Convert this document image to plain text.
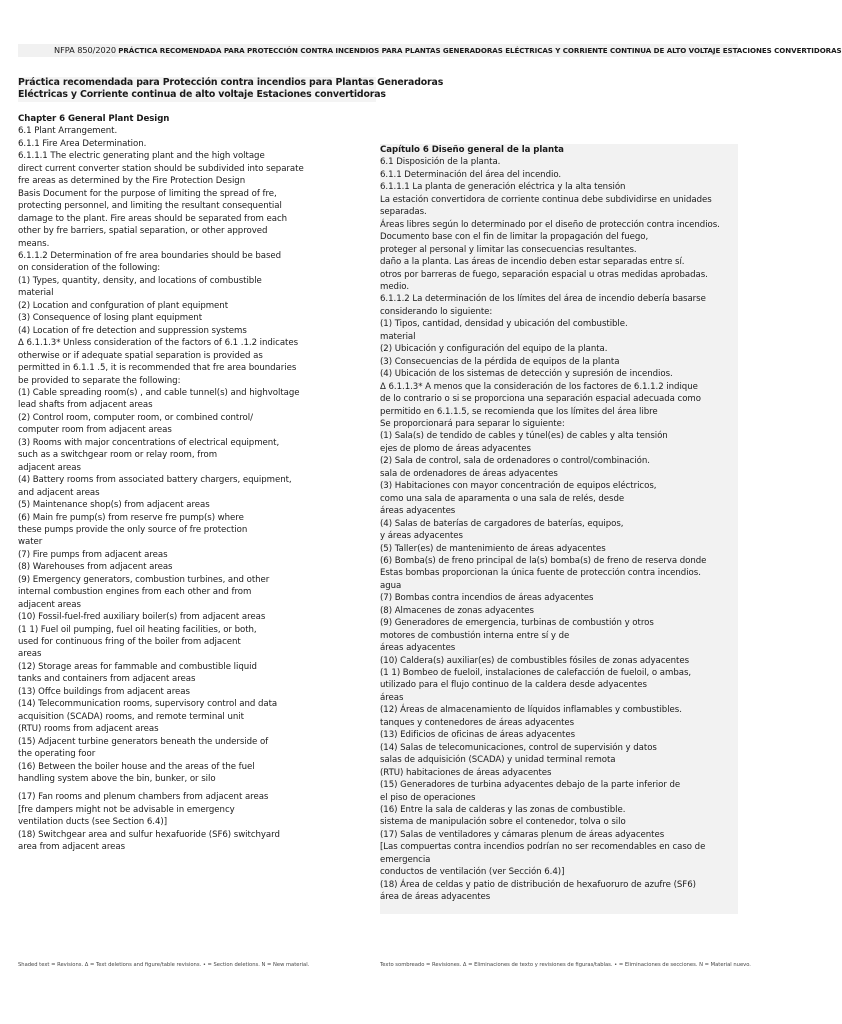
NFPA 850/2020 PRÁCTICA RECOMENDADA PARA PROTECCIÓN CONTRA INCENDIOS PARA PLANTAS GENERADORAS ELÉCTRICAS Y CORRIENTE CONTINUA DE ALTO VOLTAJE ESTACIONES CONVERTIDORAS
Práctica recomendada para Protección contra incendios para Plantas Generadoras
Eléctricas y Corriente continua de alto voltaje Estaciones convertidoras
Chapter 6 General Plant Design
6.1 Plant Arrangement.
6.1.1 Fire Area Determination.
6.1.1.1 The electric generating plant and the high voltage
direct current converter station should be subdivided into separate
fre areas as determined by the Fire Protection Design
Basis Document for the purpose of limiting the spread of fre,
protecting personnel, and limiting the resultant consequential
damage to the plant. Fire areas should be separated from each
other by fre barriers, spatial separation, or other approved
means.
6.1.1.2 Determination of fre area boundaries should be based
on consideration of the following:
(1) Types, quantity, density, and locations of combustible
material
(2) Location and confguration of plant equipment
(3) Consequence of losing plant equipment
(4) Location of fre detection and suppression systems
Δ 6.1.1.3* Unless consideration of the factors of 6.1 .1.2 indicates
otherwise or if adequate spatial separation is provided as
permitted in 6.1.1 .5, it is recommended that fre area boundaries
be provided to separate the following:
(1) Cable spreading room(s) , and cable tunnel(s) and highvoltage
lead shafts from adjacent areas
(2) Control room, computer room, or combined control/
computer room from adjacent areas
(3) Rooms with major concentrations of electrical equipment,
such as a switchgear room or relay room, from
adjacent areas
(4) Battery rooms from associated battery chargers, equipment,
and adjacent areas
(5) Maintenance shop(s) from adjacent areas
(6) Main fre pump(s) from reserve fre pump(s) where
these pumps provide the only source of fre protection
water
(7) Fire pumps from adjacent areas
(8) Warehouses from adjacent areas
(9) Emergency generators, combustion turbines, and other
internal combustion engines from each other and from
adjacent areas
(10) Fossil-fuel-fred auxiliary boiler(s) from adjacent areas
(1 1) Fuel oil pumping, fuel oil heating facilities, or both,
used for continuous fring of the boiler from adjacent
areas
(12) Storage areas for fammable and combustible liquid
tanks and containers from adjacent areas
(13) Offce buildings from adjacent areas
(14) Telecommunication rooms, supervisory control and data
acquisition (SCADA) rooms, and remote terminal unit
(RTU) rooms from adjacent areas
(15) Adjacent turbine generators beneath the underside of
the operating foor
(16) Between the boiler house and the areas of the fuel
handling system above the bin, bunker, or silo
(17) Fan rooms and plenum chambers from adjacent areas
[fre dampers might not be advisable in emergency
ventilation ducts (see Section 6.4)]
(18) Switchgear area and sulfur hexafuoride (SF6) switchyard
area from adjacent areas
Capítulo 6 Diseño general de la planta
6.1 Disposición de la planta.
6.1.1 Determinación del área del incendio.
6.1.1.1 La planta de generación eléctrica y la alta tensión
La estación convertidora de corriente continua debe subdividirse en unidades
separadas.
Áreas libres según lo determinado por el diseño de protección contra incendios.
Documento base con el fin de limitar la propagación del fuego,
proteger al personal y limitar las consecuencias resultantes.
daño a la planta. Las áreas de incendio deben estar separadas entre sí.
otros por barreras de fuego, separación espacial u otras medidas aprobadas.
medio.
6.1.1.2 La determinación de los límites del área de incendio debería basarse
considerando lo siguiente:
(1) Tipos, cantidad, densidad y ubicación del combustible.
material
(2) Ubicación y configuración del equipo de la planta.
(3) Consecuencias de la pérdida de equipos de la planta
(4) Ubicación de los sistemas de detección y supresión de incendios.
Δ 6.1.1.3* A menos que la consideración de los factores de 6.1.1.2 indique
de lo contrario o si se proporciona una separación espacial adecuada como
permitido en 6.1.1.5, se recomienda que los límites del área libre
Se proporcionará para separar lo siguiente:
(1) Sala(s) de tendido de cables y túnel(es) de cables y alta tensión
ejes de plomo de áreas adyacentes
(2) Sala de control, sala de ordenadores o control/combinación.
sala de ordenadores de áreas adyacentes
(3) Habitaciones con mayor concentración de equipos eléctricos,
como una sala de aparamenta o una sala de relés, desde
áreas adyacentes
(4) Salas de baterías de cargadores de baterías, equipos,
y áreas adyacentes
(5) Taller(es) de mantenimiento de áreas adyacentes
(6) Bomba(s) de freno principal de la(s) bomba(s) de freno de reserva donde
Estas bombas proporcionan la única fuente de protección contra incendios.
agua
(7) Bombas contra incendios de áreas adyacentes
(8) Almacenes de zonas adyacentes
(9) Generadores de emergencia, turbinas de combustión y otros
motores de combustión interna entre sí y de
áreas adyacentes
(10) Caldera(s) auxiliar(es) de combustibles fósiles de zonas adyacentes
(1 1) Bombeo de fueloil, instalaciones de calefacción de fueloil, o ambas,
utilizado para el flujo continuo de la caldera desde adyacentes
áreas
(12) Áreas de almacenamiento de líquidos inflamables y combustibles.
tanques y contenedores de áreas adyacentes
(13) Edificios de oficinas de áreas adyacentes
(14) Salas de telecomunicaciones, control de supervisión y datos
salas de adquisición (SCADA) y unidad terminal remota
(RTU) habitaciones de áreas adyacentes
(15) Generadores de turbina adyacentes debajo de la parte inferior de
el piso de operaciones
(16) Entre la sala de calderas y las zonas de combustible.
sistema de manipulación sobre el contenedor, tolva o silo
(17) Salas de ventiladores y cámaras plenum de áreas adyacentes
[Las compuertas contra incendios podrían no ser recomendables en caso de
emergencia
conductos de ventilación (ver Sección 6.4)]
(18) Área de celdas y patio de distribución de hexafuoruro de azufre (SF6)
área de áreas adyacentes
Shaded text = Revisions. Δ = Text deletions and figure/table revisions. • = Section deletions. N = New material.	Texto sombreado = Revisiones. Δ = Eliminaciones de texto y revisiones de figuras/tablas. • = Eliminaciones de secciones. N = Material nuevo.
